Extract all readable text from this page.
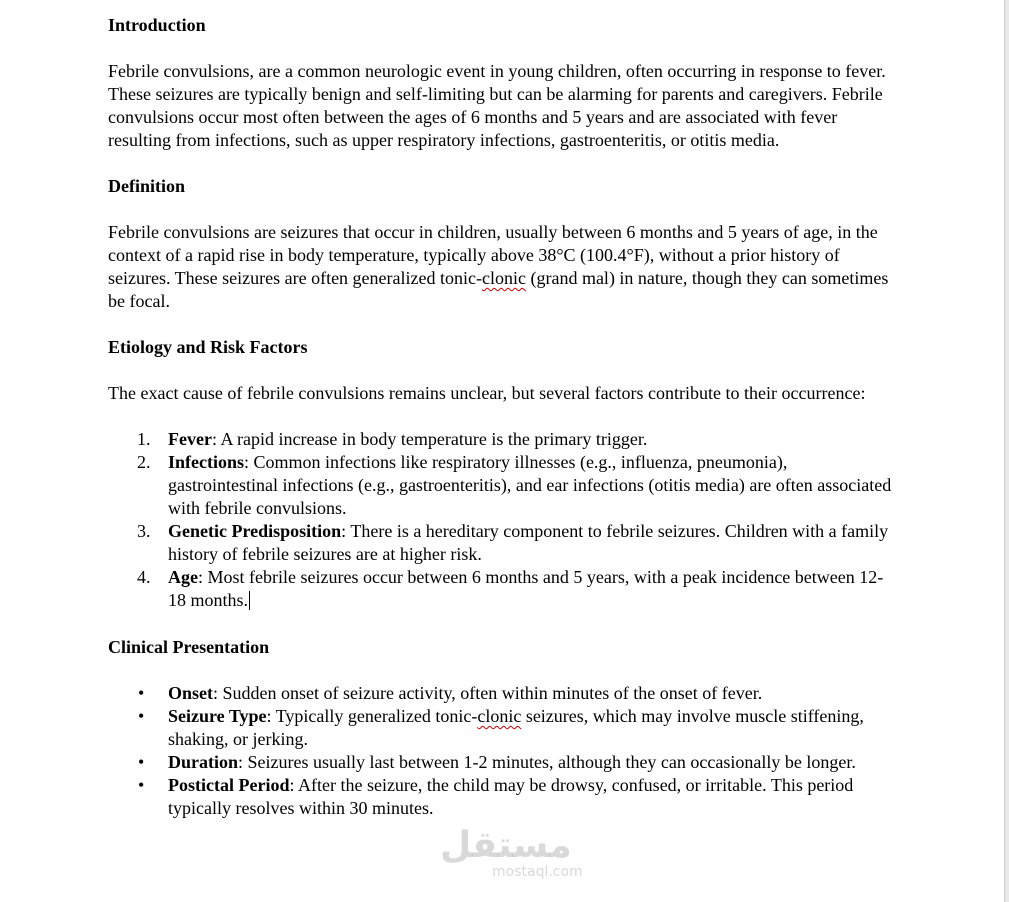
Introduction

Febrile convulsions, are a common neurologic event in young children, often occurring in response to fever. These seizures are typically benign and self-limiting but can be alarming for parents and caregivers. Febrile convulsions occur most often between the ages of 6 months and 5 years and are associated with fever resulting from infections, such as upper respiratory infections, gastroenteritis, or otitis media.

Definition

Febrile convulsions are seizures that occur in children, usually between 6 months and 5 years of age, in the context of a rapid rise in body temperature, typically above 38°C (100.4°F), without a prior history of seizures. These seizures are often generalized tonic-clonic (grand mal) in nature, though they can sometimes be focal.

Etiology and Risk Factors

The exact cause of febrile convulsions remains unclear, but several factors contribute to their occurrence:

1. Fever: A rapid increase in body temperature is the primary trigger.
2. Infections: Common infections like respiratory illnesses (e.g., influenza, pneumonia), gastrointestinal infections (e.g., gastroenteritis), and ear infections (otitis media) are often associated with febrile convulsions.
3. Genetic Predisposition: There is a hereditary component to febrile seizures. Children with a family history of febrile seizures are at higher risk.
4. Age: Most febrile seizures occur between 6 months and 5 years, with a peak incidence between 12-18 months.
Clinical Presentation
• Onset: Sudden onset of seizure activity, often within minutes of the onset of fever.
• Seizure Type: Typically generalized tonic-clonic seizures, which may involve muscle stiffening, shaking, or jerking.
• Duration: Seizures usually last between 1-2 minutes, although they can occasionally be longer.
• Postictal Period: After the seizure, the child may be drowsy, confused, or irritable. This period typically resolves within 30 minutes.
مستقل
mostaql.com
